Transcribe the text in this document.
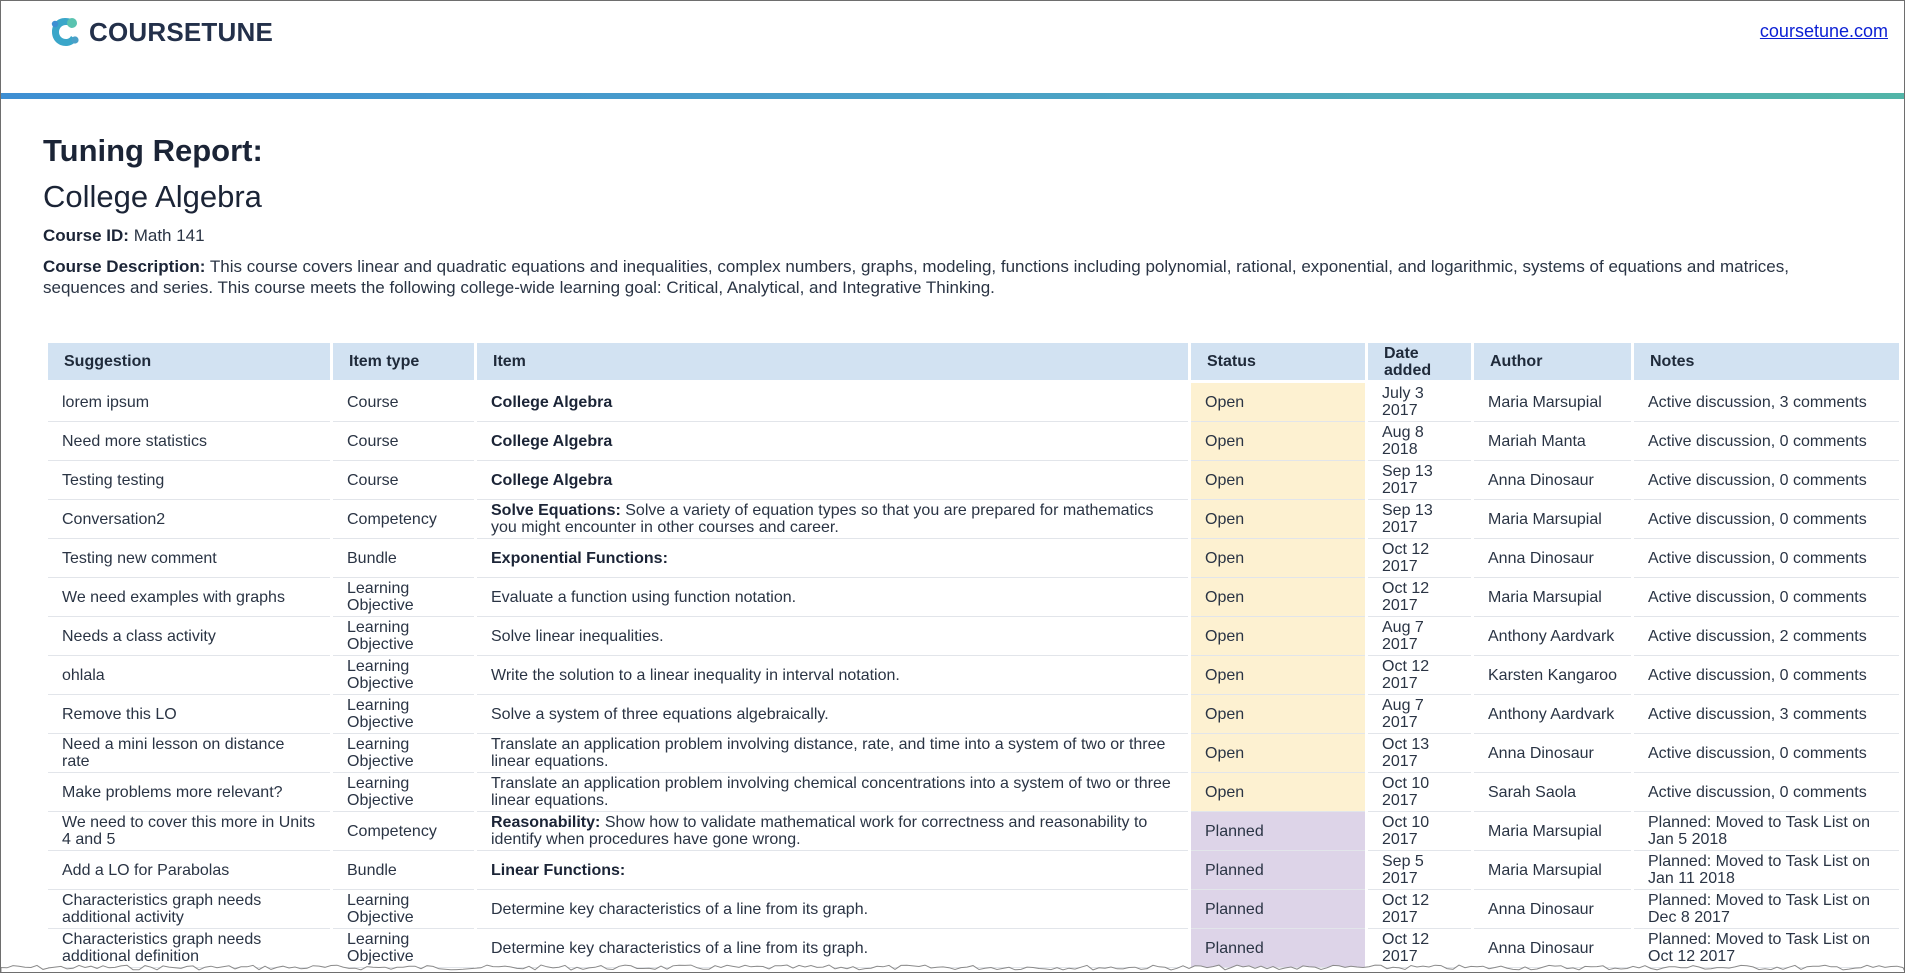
COURSETUNE	coursetune.com
Tuning Report:
College Algebra
Course ID: Math 141
Course Description: This course covers linear and quadratic equations and inequalities, complex numbers, graphs, modeling, functions including polynomial, rational, exponential, and logarithmic, systems of equations and matrices, sequences and series. This course meets the following college-wide learning goal: Critical, Analytical, and Integrative Thinking.
Suggestion	Item type	Item	Status	Date added	Author	Notes
lorem ipsum	Course	College Algebra	Open	July 3 2017	Maria Marsupial	Active discussion, 3 comments
Need more statistics	Course	College Algebra	Open	Aug 8 2018	Mariah Manta	Active discussion, 0 comments
Testing testing	Course	College Algebra	Open	Sep 13 2017	Anna Dinosaur	Active discussion, 0 comments
Conversation2	Competency	Solve Equations: Solve a variety of equation types so that you are prepared for mathematics you might encounter in other courses and career.	Open	Sep 13 2017	Maria Marsupial	Active discussion, 0 comments
Testing new comment	Bundle	Exponential Functions:	Open	Oct 12 2017	Anna Dinosaur	Active discussion, 0 comments
We need examples with graphs	Learning Objective	Evaluate a function using function notation.	Open	Oct 12 2017	Maria Marsupial	Active discussion, 0 comments
Needs a class activity	Learning Objective	Solve linear inequalities.	Open	Aug 7 2017	Anthony Aardvark	Active discussion, 2 comments
ohlala	Learning Objective	Write the solution to a linear inequality in interval notation.	Open	Oct 12 2017	Karsten Kangaroo	Active discussion, 0 comments
Remove this LO	Learning Objective	Solve a system of three equations algebraically.	Open	Aug 7 2017	Anthony Aardvark	Active discussion, 3 comments
Need a mini lesson on distance rate	Learning Objective	Translate an application problem involving distance, rate, and time into a system of two or three linear equations.	Open	Oct 13 2017	Anna Dinosaur	Active discussion, 0 comments
Make problems more relevant?	Learning Objective	Translate an application problem involving chemical concentrations into a system of two or three linear equations.	Open	Oct 10 2017	Sarah Saola	Active discussion, 0 comments
We need to cover this more in Units 4 and 5	Competency	Reasonability: Show how to validate mathematical work for correctness and reasonability to identify when procedures have gone wrong.	Planned	Oct 10 2017	Maria Marsupial	Planned: Moved to Task List on Jan 5 2018
Add a LO for Parabolas	Bundle	Linear Functions:	Planned	Sep 5 2017	Maria Marsupial	Planned: Moved to Task List on Jan 11 2018
Characteristics graph needs additional activity	Learning Objective	Determine key characteristics of a line from its graph.	Planned	Oct 12 2017	Anna Dinosaur	Planned: Moved to Task List on Dec 8 2017
Characteristics graph needs additional definition	Learning Objective	Determine key characteristics of a line from its graph.	Planned	Oct 12 2017	Anna Dinosaur	Planned: Moved to Task List on Oct 12 2017
